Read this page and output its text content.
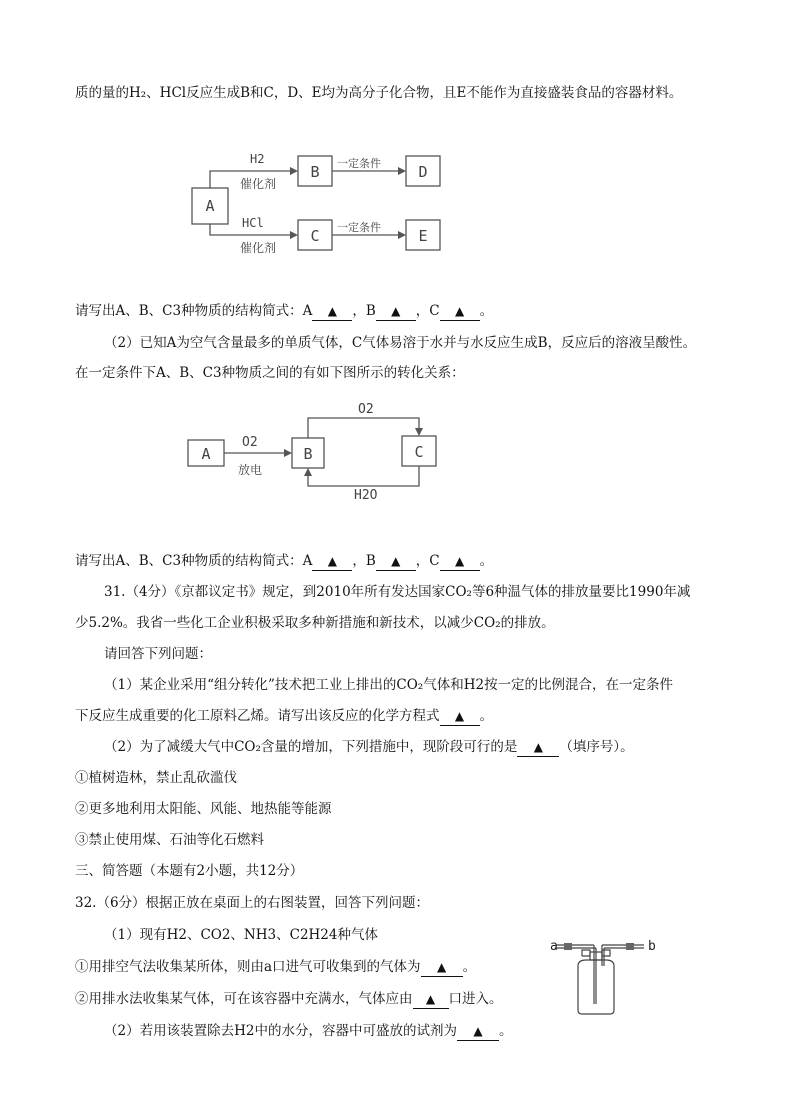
质的量的H₂、HCl反应生成B和C，D、E均为高分子化合物，且E不能作为直接盛装食品的容器材料。
A
B
C
D
E
H2
催化剂
HCl
催化剂
一定条件
一定条件
请写出A、B、C3种物质的结构简式：A ▲ ，B ▲ ，C ▲ 。
（2）已知A为空气含量最多的单质气体，C气体易溶于水并与水反应生成B，反应后的溶液呈酸性。
在一定条件下A、B、C3种物质之间的有如下图所示的转化关系：
A	B	C
O2
O2
放电
H2O
请写出A、B、C3种物质的结构简式：A ▲ ，B ▲ ，C ▲ 。
31.（4分）《京都议定书》规定，到2010年所有发达国家CO₂等6种温气体的排放量要比1990年减
少5.2%。我省一些化工企业积极采取多种新措施和新技术，以减少CO₂的排放。
请回答下列问题：
（1）某企业采用“组分转化”技术把工业上排出的CO₂气体和H2按一定的比例混合，在一定条件
下反应生成重要的化工原料乙烯。请写出该反应的化学方程式 ▲ 。
（2）为了减缓大气中CO₂含量的增加，下列措施中，现阶段可行的是 ▲ （填序号）。
①植树造林，禁止乱砍滥伐
②更多地利用太阳能、风能、地热能等能源
③禁止使用煤、石油等化石燃料
三、简答题（本题有2小题，共12分）
32.（6分）根据正放在桌面上的右图装置，回答下列问题：
（1）现有H2、CO2、NH3、C2H24种气体
①用排空气法收集某所体，则由a口进气可收集到的气体为 ▲ 。
②用排水法收集某气体，可在该容器中充满水，气体应由 ▲ 口进入。
（2）若用该装置除去H2中的水分，容器中可盛放的试剂为 ▲ 。
a	b
